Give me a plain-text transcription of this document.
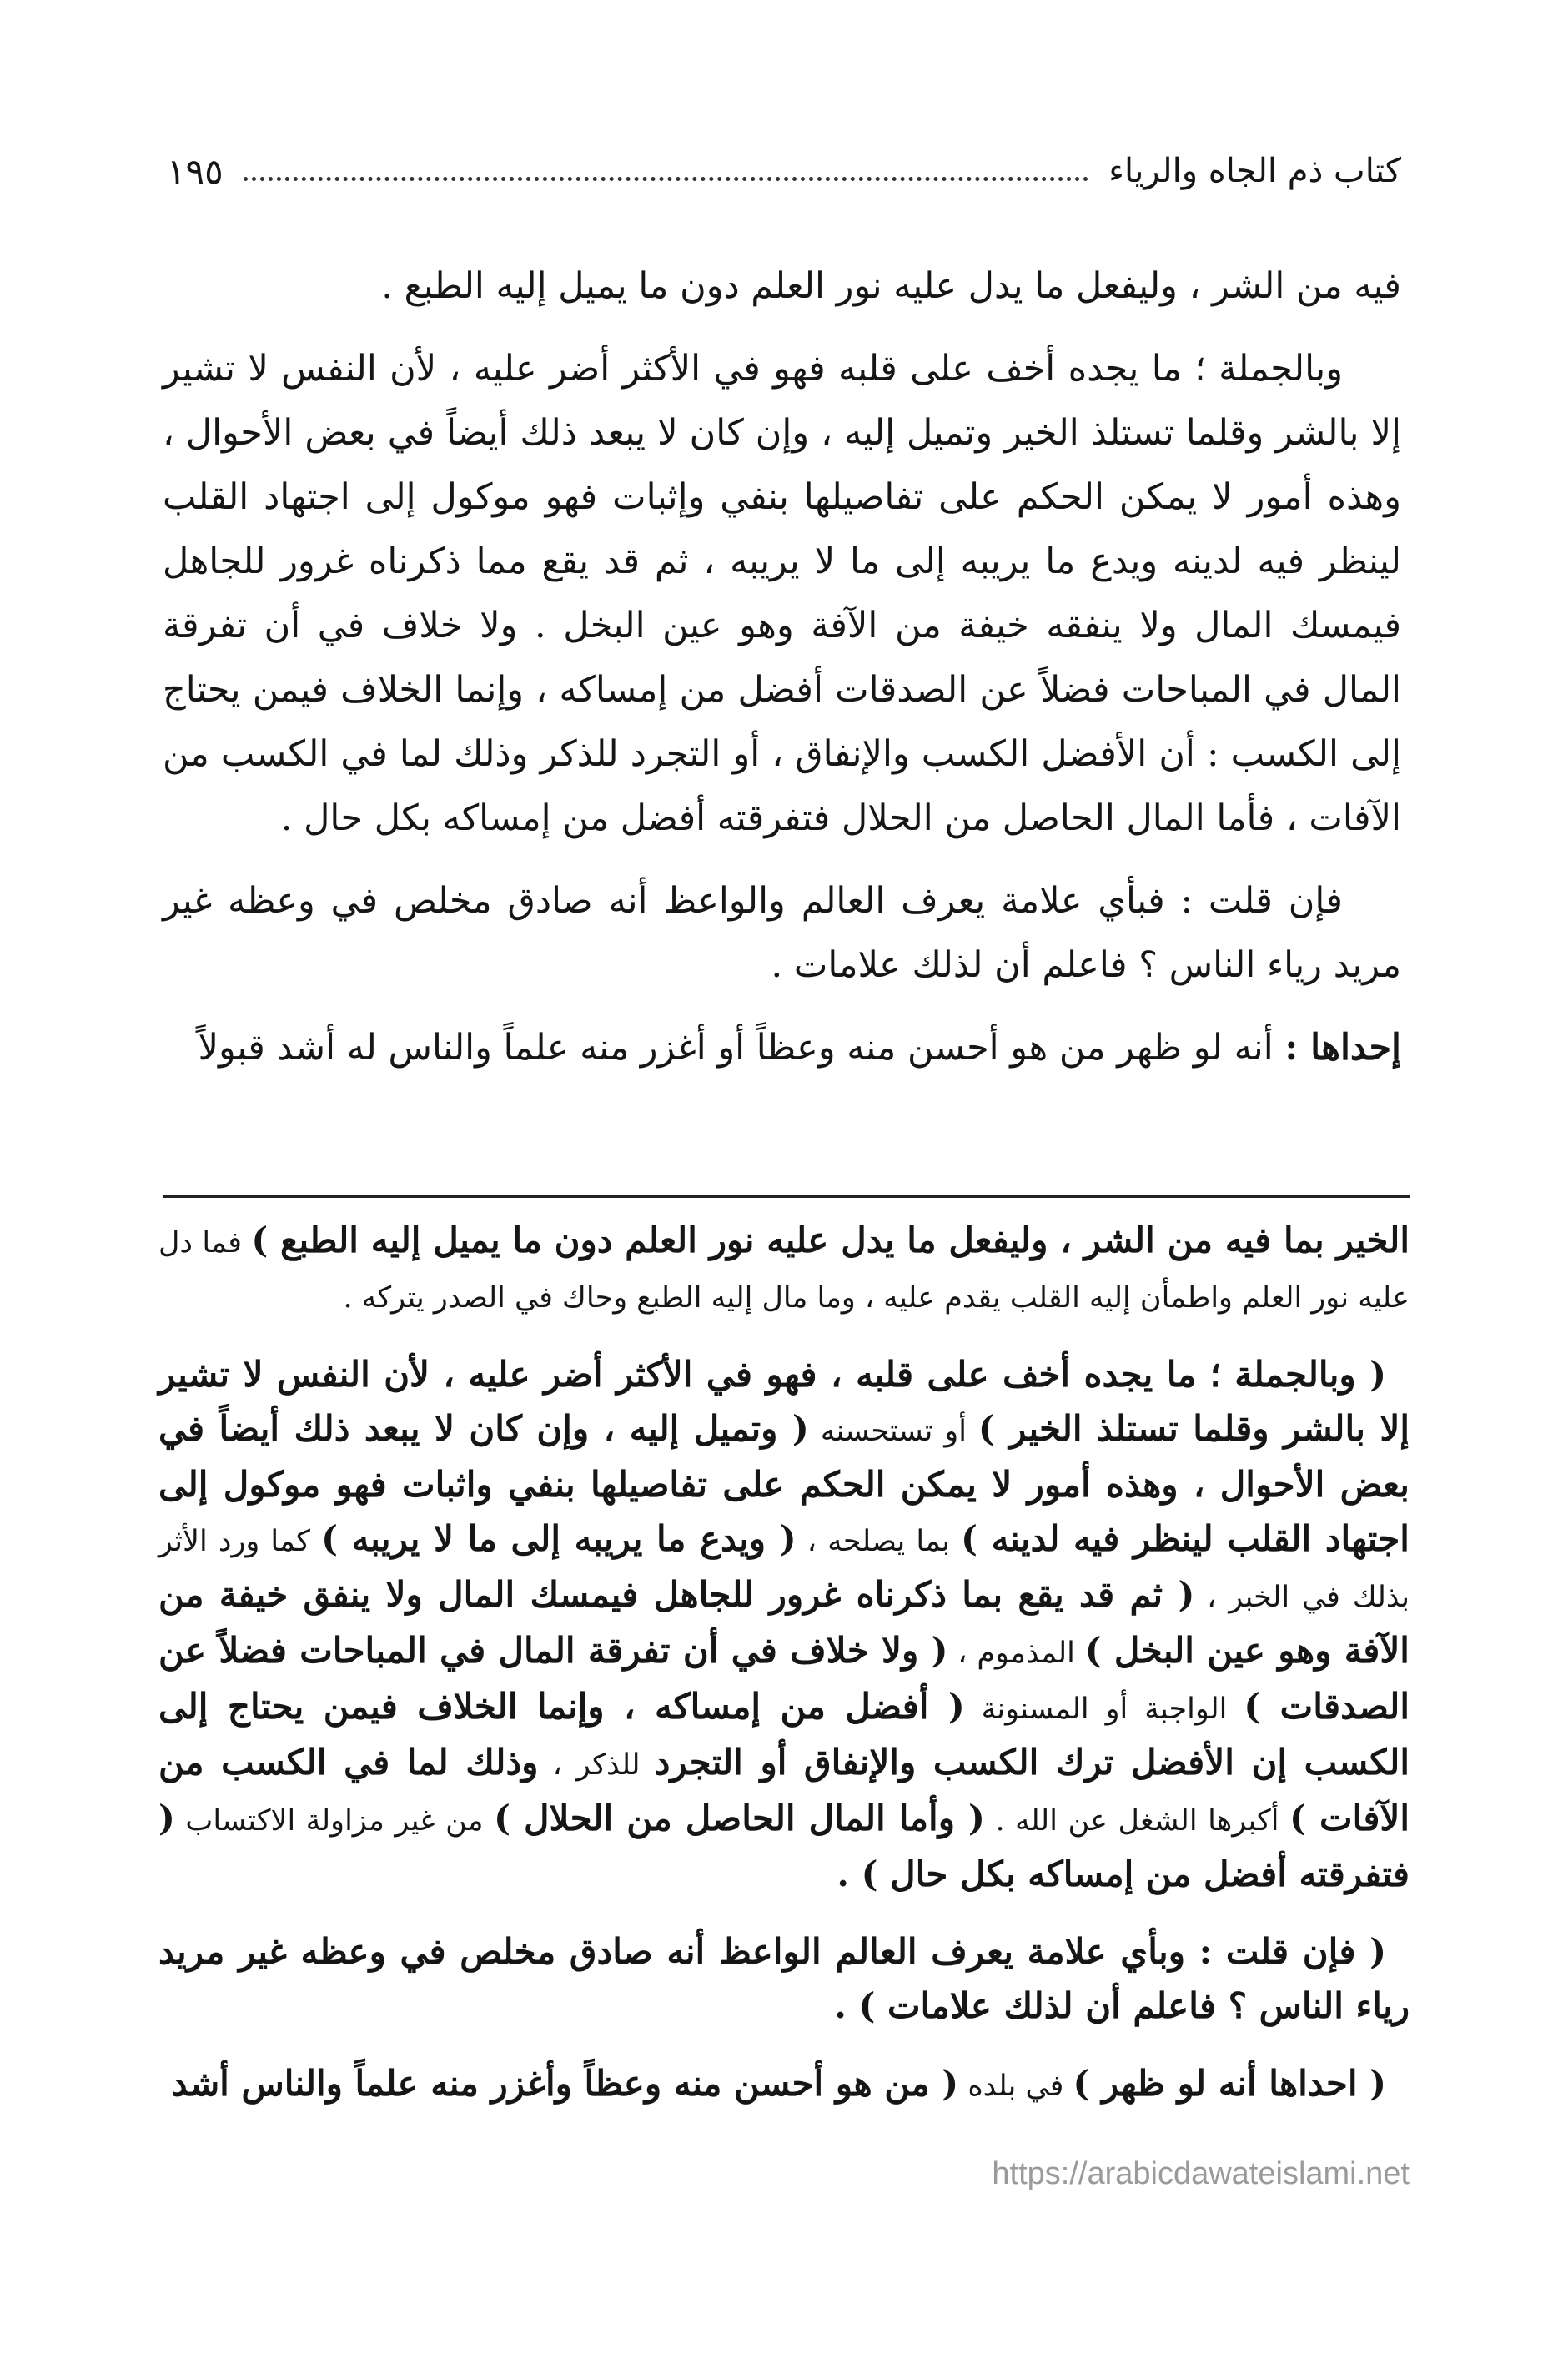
كتاب ذم الجاه والرياء
١٩٥

فيه من الشر ، وليفعل ما يدل عليه نور العلم دون ما يميل إليه الطبع .

وبالجملة ؛ ما يجده أخف على قلبه فهو في الأكثر أضر عليه ، لأن النفس لا تشير إلا بالشر وقلما تستلذ الخير وتميل إليه ، وإن كان لا يبعد ذلك أيضاً في بعض الأحوال ، وهذه أمور لا يمكن الحكم على تفاصيلها بنفي وإثبات فهو موكول إلى اجتهاد القلب لينظر فيه لدينه ويدع ما يريبه إلى ما لا يريبه ، ثم قد يقع مما ذكرناه غرور للجاهل فيمسك المال ولا ينفقه خيفة من الآفة وهو عين البخل . ولا خلاف في أن تفرقة المال في المباحات فضلاً عن الصدقات أفضل من إمساكه ، وإنما الخلاف فيمن يحتاج إلى الكسب : أن الأفضل الكسب والإنفاق ، أو التجرد للذكر وذلك لما في الكسب من الآفات ، فأما المال الحاصل من الحلال فتفرقته أفضل من إمساكه بكل حال .

فإن قلت : فبأي علامة يعرف العالم والواعظ أنه صادق مخلص في وعظه غير مريد رياء الناس ؟ فاعلم أن لذلك علامات .

إحداها : أنه لو ظهر من هو أحسن منه وعظاً أو أغزر منه علماً والناس له أشد قبولاً

الخير بما فيه من الشر ، وليفعل ما يدل عليه نور العلم دون ما يميل إليه الطبع ) فما دل عليه نور العلم واطمأن إليه القلب يقدم عليه ، وما مال إليه الطبع وحاك في الصدر يتركه .

( وبالجملة ؛ ما يجده أخف على قلبه ، فهو في الأكثر أضر عليه ، لأن النفس لا تشير إلا بالشر وقلما تستلذ الخير ) أو تستحسنه ( وتميل إليه ، وإن كان لا يبعد ذلك أيضاً في بعض الأحوال ، وهذه أمور لا يمكن الحكم على تفاصيلها بنفي واثبات فهو موكول إلى اجتهاد القلب لينظر فيه لدينه ) بما يصلحه ، ( ويدع ما يريبه إلى ما لا يريبه ) كما ورد الأثر بذلك في الخبر ، ( ثم قد يقع بما ذكرناه غرور للجاهل فيمسك المال ولا ينفق خيفة من الآفة وهو عين البخل ) المذموم ، ( ولا خلاف في أن تفرقة المال في المباحات فضلاً عن الصدقات ) الواجبة أو المسنونة ( أفضل من إمساكه ، وإنما الخلاف فيمن يحتاج إلى الكسب إن الأفضل ترك الكسب والإنفاق أو التجرد للذكر ، وذلك لما في الكسب من الآفات ) أكبرها الشغل عن الله . ( وأما المال الحاصل من الحلال ) من غير مزاولة الاكتساب ( فتفرقته أفضل من إمساكه بكل حال ) .

( فإن قلت : وبأي علامة يعرف العالم الواعظ أنه صادق مخلص في وعظه غير مريد رياء الناس ؟ فاعلم أن لذلك علامات ) .

( احداها أنه لو ظهر ) في بلده ( من هو أحسن منه وعظاً وأغزر منه علماً والناس أشد

https://arabicdawateislami.net
